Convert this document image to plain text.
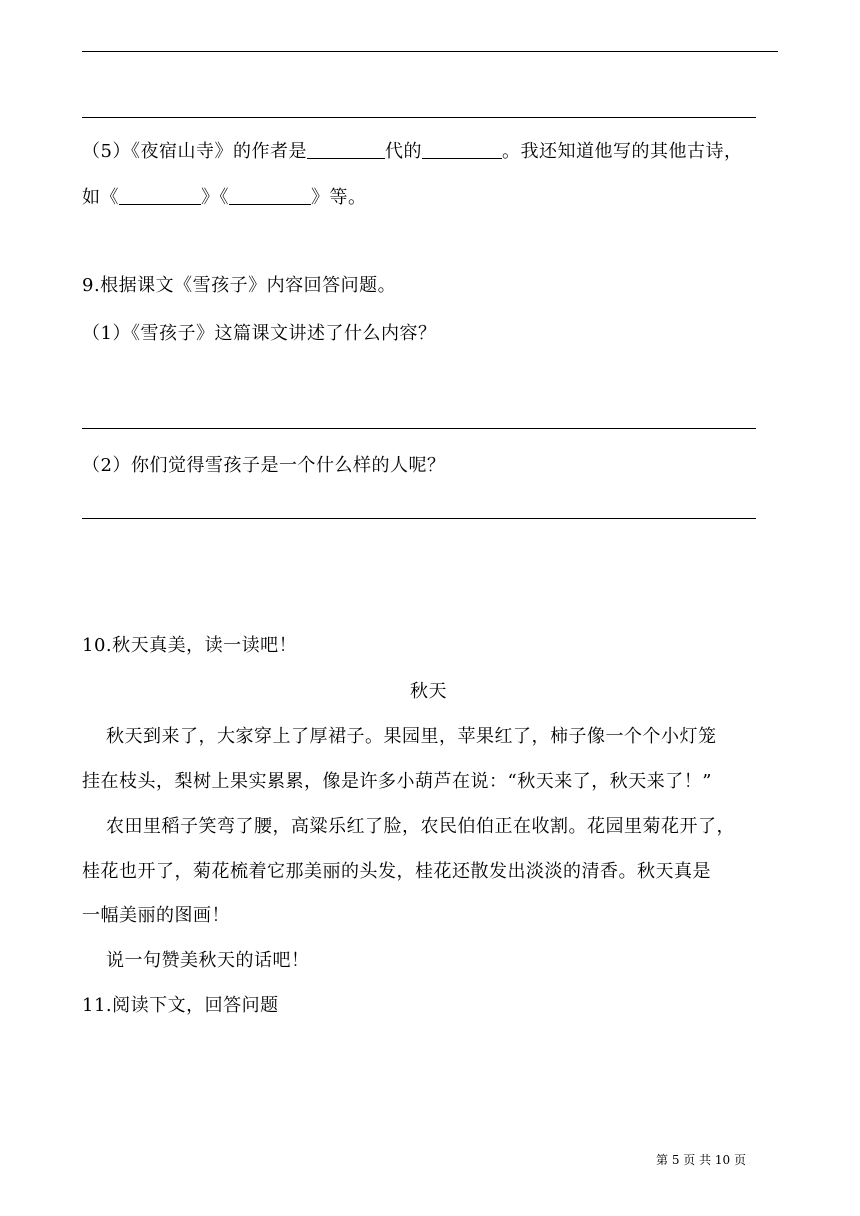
（5）《夜宿山寺》的作者是	代的	。我还知道他写的其他古诗，
如《	》《	》等。
9.根据课文《雪孩子》内容回答问题。
（1）《雪孩子》这篇课文讲述了什么内容？
（2）你们觉得雪孩子是一个什么样的人呢？
10.秋天真美，读一读吧！
秋天
秋天到来了，大家穿上了厚裙子。果园里，苹果红了，柿子像一个个小灯笼
挂在枝头，梨树上果实累累，像是许多小葫芦在说：“秋天来了，秋天来了！”
农田里稻子笑弯了腰，高粱乐红了脸，农民伯伯正在收割。花园里菊花开了，
桂花也开了，菊花梳着它那美丽的头发，桂花还散发出淡淡的清香。秋天真是
一幅美丽的图画！
说一句赞美秋天的话吧！
11.阅读下文，回答问题
第 5 页 共 10 页
